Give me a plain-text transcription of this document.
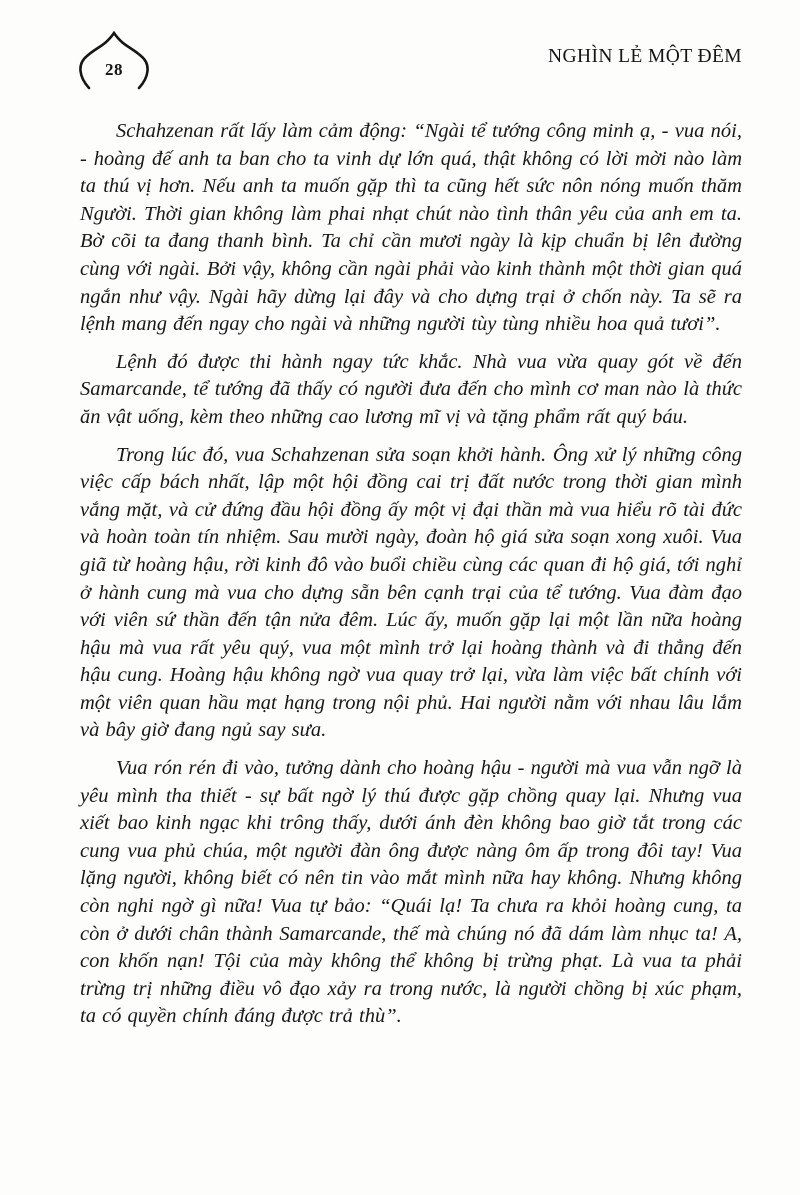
28
NGHÌN LẺ MỘT ĐÊM

Schahzenan rất lấy làm cảm động: “Ngài tể tướng công minh ạ, - vua nói, - hoàng đế anh ta ban cho ta vinh dự lớn quá, thật không có lời mời nào làm ta thú vị hơn. Nếu anh ta muốn gặp thì ta cũng hết sức nôn nóng muốn thăm Người. Thời gian không làm phai nhạt chút nào tình thân yêu của anh em ta. Bờ cõi ta đang thanh bình. Ta chỉ cần mươi ngày là kịp chuẩn bị lên đường cùng với ngài. Bởi vậy, không cần ngài phải vào kinh thành một thời gian quá ngắn như vậy. Ngài hãy dừng lại đây và cho dựng trại ở chốn này. Ta sẽ ra lệnh mang đến ngay cho ngài và những người tùy tùng nhiều hoa quả tươi”.

Lệnh đó được thi hành ngay tức khắc. Nhà vua vừa quay gót về đến Samarcande, tể tướng đã thấy có người đưa đến cho mình cơ man nào là thức ăn vật uống, kèm theo những cao lương mĩ vị và tặng phẩm rất quý báu.

Trong lúc đó, vua Schahzenan sửa soạn khởi hành. Ông xử lý những công việc cấp bách nhất, lập một hội đồng cai trị đất nước trong thời gian mình vắng mặt, và cử đứng đầu hội đồng ấy một vị đại thần mà vua hiểu rõ tài đức và hoàn toàn tín nhiệm. Sau mười ngày, đoàn hộ giá sửa soạn xong xuôi. Vua giã từ hoàng hậu, rời kinh đô vào buổi chiều cùng các quan đi hộ giá, tới nghỉ ở hành cung mà vua cho dựng sẵn bên cạnh trại của tể tướng. Vua đàm đạo với viên sứ thần đến tận nửa đêm. Lúc ấy, muốn gặp lại một lần nữa hoàng hậu mà vua rất yêu quý, vua một mình trở lại hoàng thành và đi thẳng đến hậu cung. Hoàng hậu không ngờ vua quay trở lại, vừa làm việc bất chính với một viên quan hầu mạt hạng trong nội phủ. Hai người nằm với nhau lâu lắm và bây giờ đang ngủ say sưa.

Vua rón rén đi vào, tưởng dành cho hoàng hậu - người mà vua vẫn ngỡ là yêu mình tha thiết - sự bất ngờ lý thú được gặp chồng quay lại. Nhưng vua xiết bao kinh ngạc khi trông thấy, dưới ánh đèn không bao giờ tắt trong các cung vua phủ chúa, một người đàn ông được nàng ôm ấp trong đôi tay! Vua lặng người, không biết có nên tin vào mắt mình nữa hay không. Nhưng không còn nghi ngờ gì nữa! Vua tự bảo: “Quái lạ! Ta chưa ra khỏi hoàng cung, ta còn ở dưới chân thành Samarcande, thế mà chúng nó đã dám làm nhục ta! A, con khốn nạn! Tội của mày không thể không bị trừng phạt. Là vua ta phải trừng trị những điều vô đạo xảy ra trong nước, là người chồng bị xúc phạm, ta có quyền chính đáng được trả thù”.
